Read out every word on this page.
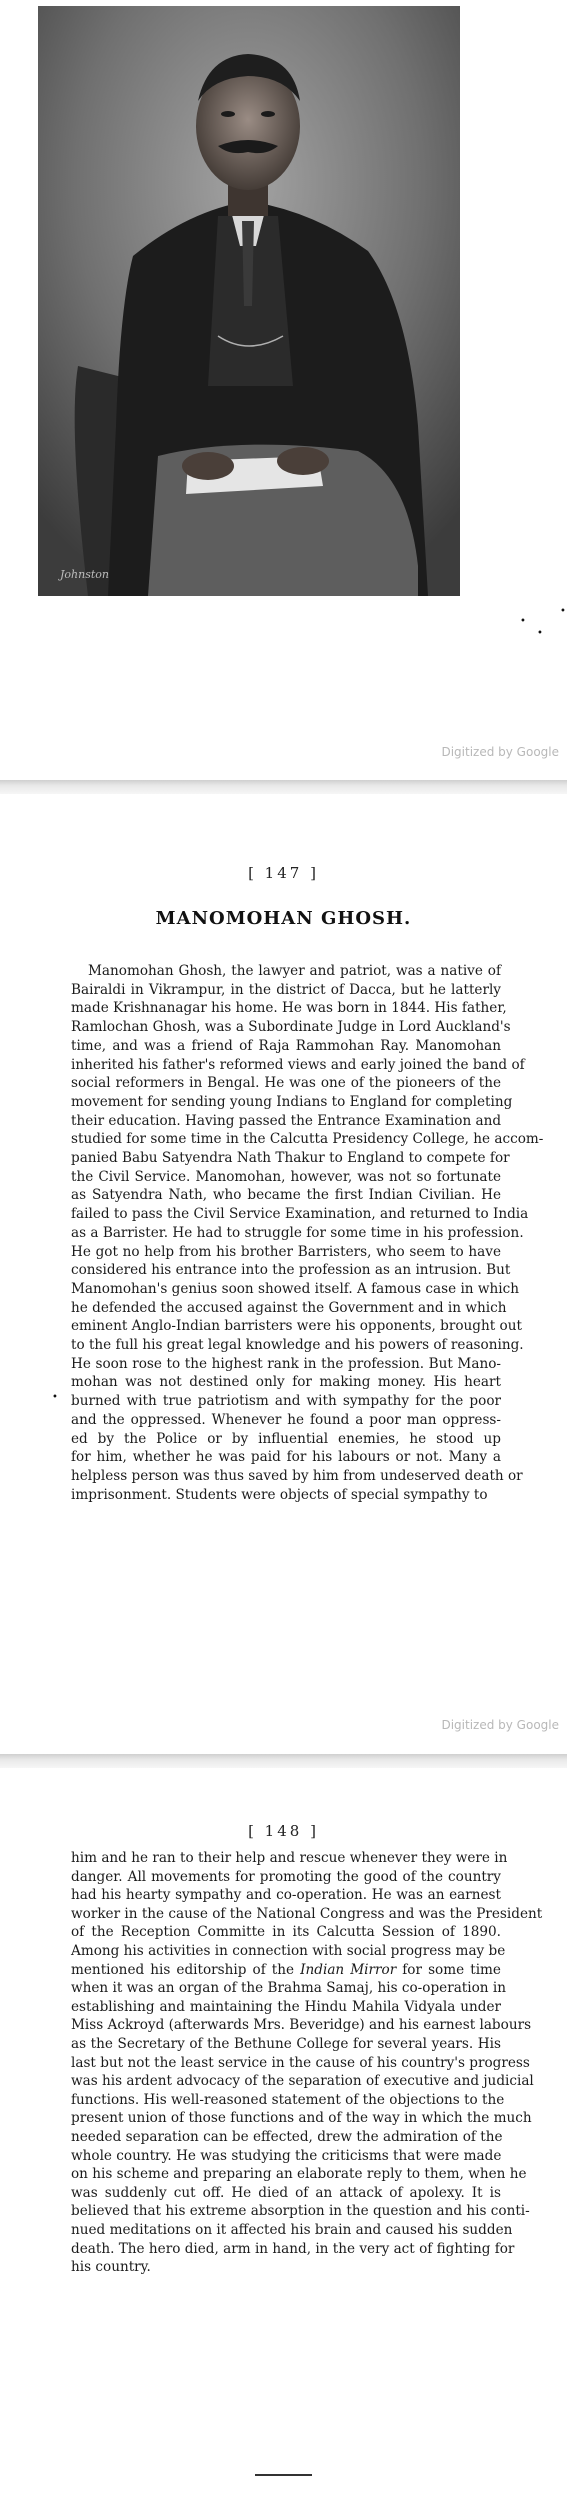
Johnston
•
•
•
Digitized by Google
[ 147 ]
MANOMOHAN GHOSH.
Manomohan Ghosh, the lawyer and patriot, was a native of
Bairaldi in Vikrampur, in the district of Dacca, but he latterly
made Krishnanagar his home. He was born in 1844. His father,
Ramlochan Ghosh, was a Subordinate Judge in Lord Auckland's
time, and was a friend of Raja Rammohan Ray. Manomohan
inherited his father's reformed views and early joined the band of
social reformers in Bengal. He was one of the pioneers of the
movement for sending young Indians to England for completing
their education. Having passed the Entrance Examination and
studied for some time in the Calcutta Presidency College, he accom-
panied Babu Satyendra Nath Thakur to England to compete for
the Civil Service. Manomohan, however, was not so fortunate
as Satyendra Nath, who became the first Indian Civilian. He
failed to pass the Civil Service Examination, and returned to India
as a Barrister. He had to struggle for some time in his profession.
He got no help from his brother Barristers, who seem to have
considered his entrance into the profession as an intrusion. But
Manomohan's genius soon showed itself. A famous case in which
he defended the accused against the Government and in which
eminent Anglo-Indian barristers were his opponents, brought out
to the full his great legal knowledge and his powers of reasoning.
He soon rose to the highest rank in the profession. But Mano-
mohan was not destined only for making money. His heart
burned with true patriotism and with sympathy for the poor
and the oppressed. Whenever he found a poor man oppress-
ed by the Police or by influential enemies, he stood up
for him, whether he was paid for his labours or not. Many a
helpless person was thus saved by him from undeserved death or
imprisonment. Students were objects of special sympathy to
•
Digitized by Google
[ 148 ]
him and he ran to their help and rescue whenever they were in
danger. All movements for promoting the good of the country
had his hearty sympathy and co-operation. He was an earnest
worker in the cause of the National Congress and was the President
of the Reception Committe in its Calcutta Session of 1890.
Among his activities in connection with social progress may be
mentioned his editorship of the Indian Mirror for some time
when it was an organ of the Brahma Samaj, his co-operation in
establishing and maintaining the Hindu Mahila Vidyala under
Miss Ackroyd (afterwards Mrs. Beveridge) and his earnest labours
as the Secretary of the Bethune College for several years. His
last but not the least service in the cause of his country's progress
was his ardent advocacy of the separation of executive and judicial
functions. His well-reasoned statement of the objections to the
present union of those functions and of the way in which the much
needed separation can be effected, drew the admiration of the
whole country. He was studying the criticisms that were made
on his scheme and preparing an elaborate reply to them, when he
was suddenly cut off. He died of an attack of apolexy. It is
believed that his extreme absorption in the question and his conti-
nued meditations on it affected his brain and caused his sudden
death. The hero died, arm in hand, in the very act of fighting for
his country.
